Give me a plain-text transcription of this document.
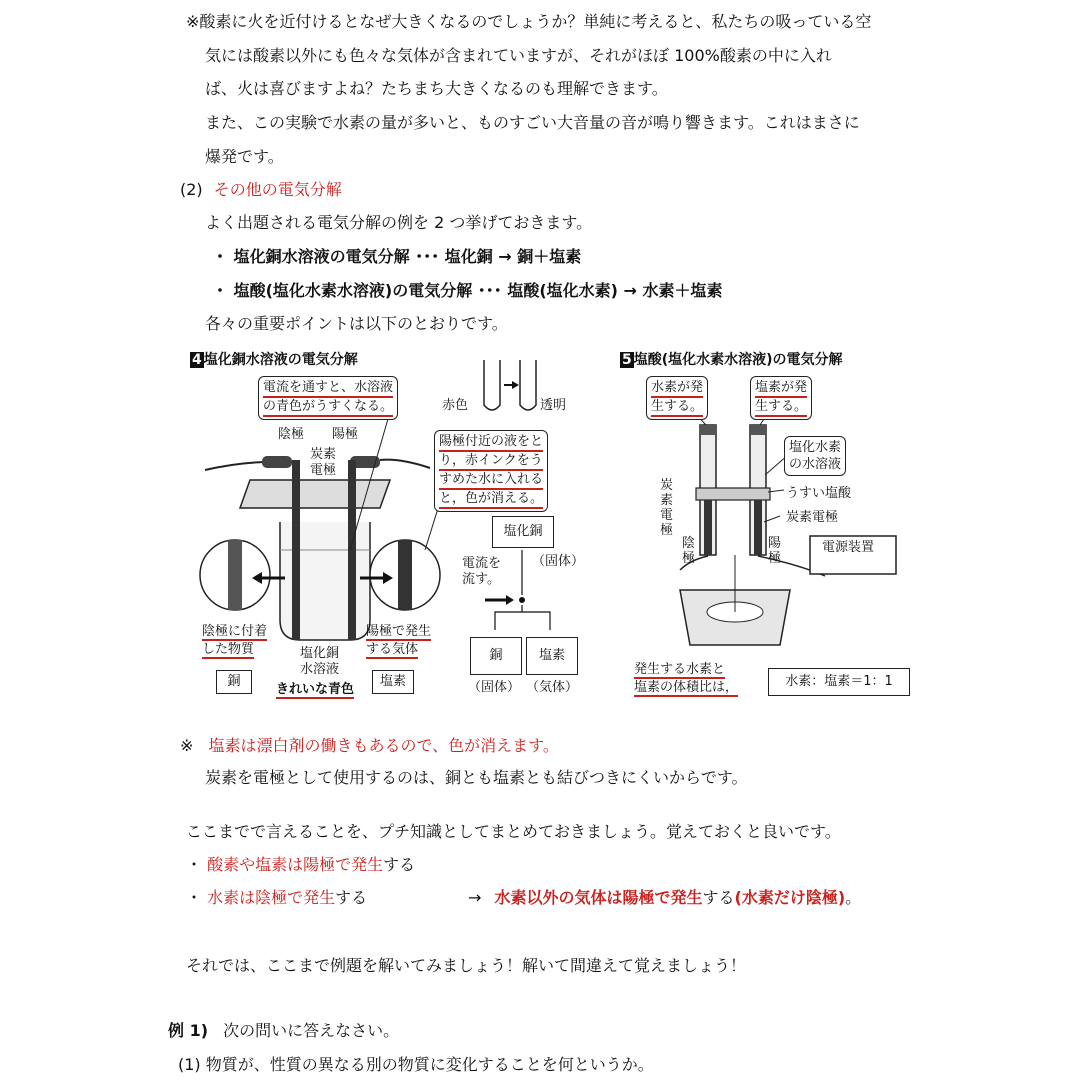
※酸素に火を近付けるとなぜ大きくなるのでしょうか？単純に考えると、私たちの吸っている空
気には酸素以外にも色々な気体が含まれていますが、それがほぼ 100%酸素の中に入れ
ば、火は喜びますよね？たちまち大きくなるのも理解できます。
また、この実験で水素の量が多いと、ものすごい大音量の音が鳴り響きます。これはまさに
爆発です。
(2) その他の電気分解
よく出題される電気分解の例を 2 つ挙げておきます。
・ 塩化銅水溶液の電気分解 ･･･ 塩化銅 → 銅＋塩素
・ 塩酸(塩化水素水溶液)の電気分解 ･･･ 塩酸(塩化水素) → 水素＋塩素
各々の重要ポイントは以下のとおりです。
4 塩化銅水溶液の電気分解
電流を通すと、水溶液
の青色がうすくなる。
陰極 陽極
炭素
電極
赤色	透明
陽極付近の液をと
り，赤インクをう
すめた水に入れる
と，色が消える。
塩化銅
（固体）
電流を
流す。
銅	塩素
（固体） （気体）
陰極に付着
した物質
銅
塩化銅
水溶液
きれいな青色
陽極で発生
する気体
塩素
5 塩酸(塩化水素水溶液)の電気分解
水素が発
生する。
塩素が発
生する。
塩化水素
の水溶液
うすい塩酸
炭素電極
炭素電極
陰極
陽極
電源装置
発生する水素と
塩素の体積比は，	水素：塩素＝1：1
※ 塩素は漂白剤の働きもあるので、色が消えます。
炭素を電極として使用するのは、銅とも塩素とも結びつきにくいからです。
ここまでで言えることを、プチ知識としてまとめておきましょう。覚えておくと良いです。
・ 酸素や塩素は陽極で発生する
・ 水素は陰極で発生する	→ 水素以外の気体は陽極で発生する(水素だけ陰極)。
それでは、ここまで例題を解いてみましょう！解いて間違えて覚えましょう！
例 1) 次の問いに答えなさい。
(1) 物質が、性質の異なる別の物質に変化することを何というか。
